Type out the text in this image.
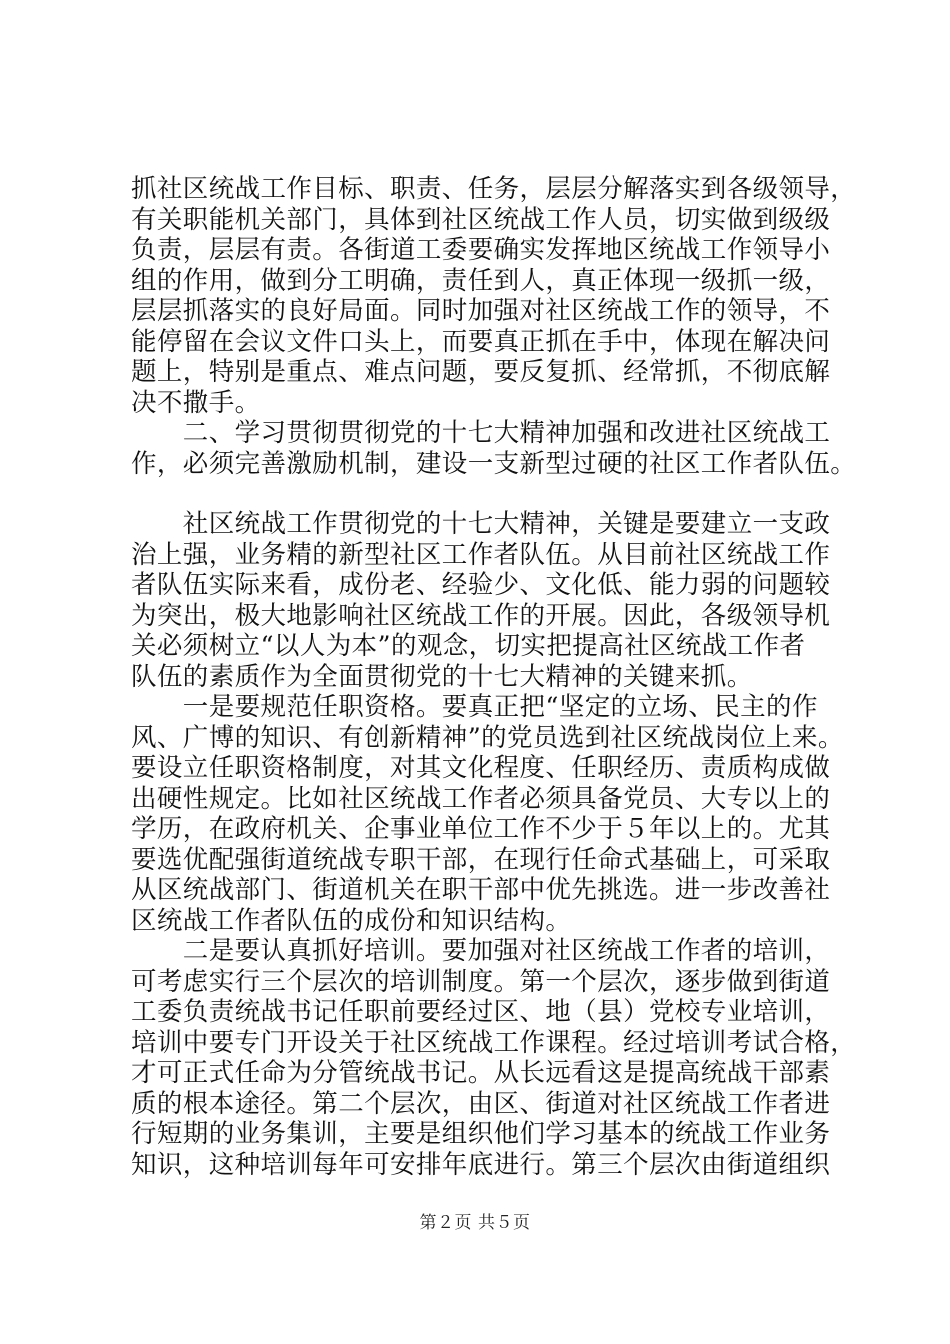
抓社区统战工作目标、职责、任务，层层分解落实到各级领导，
有关职能机关部门，具体到社区统战工作人员，切实做到级级
负责，层层有责。各街道工委要确实发挥地区统战工作领导小
组的作用，做到分工明确，责任到人，真正体现一级抓一级，
层层抓落实的良好局面。同时加强对社区统战工作的领导，不
能停留在会议文件口头上，而要真正抓在手中，体现在解决问
题上，特别是重点、难点问题，要反复抓、经常抓，不彻底解
决不撒手。
　　二、学习贯彻贯彻党的十七大精神加强和改进社区统战工
作，必须完善激励机制，建设一支新型过硬的社区工作者队伍。
　　社区统战工作贯彻党的十七大精神，关键是要建立一支政
治上强，业务精的新型社区工作者队伍。从目前社区统战工作
者队伍实际来看，成份老、经验少、文化低、能力弱的问题较
为突出，极大地影响社区统战工作的开展。因此，各级领导机
关必须树立“以人为本”的观念，切实把提高社区统战工作者
队伍的素质作为全面贯彻党的十七大精神的关键来抓。
　　一是要规范任职资格。要真正把“坚定的立场、民主的作
风、广博的知识、有创新精神”的党员选到社区统战岗位上来。
要设立任职资格制度，对其文化程度、任职经历、责质构成做
出硬性规定。比如社区统战工作者必须具备党员、大专以上的
学历，在政府机关、企事业单位工作不少于５年以上的。尤其
要选优配强街道统战专职干部，在现行任命式基础上，可采取
从区统战部门、街道机关在职干部中优先挑选。进一步改善社
区统战工作者队伍的成份和知识结构。
　　二是要认真抓好培训。要加强对社区统战工作者的培训，
可考虑实行三个层次的培训制度。第一个层次，逐步做到街道
工委负责统战书记任职前要经过区、地（县）党校专业培训，
培训中要专门开设关于社区统战工作课程。经过培训考试合格，
才可正式任命为分管统战书记。从长远看这是提高统战干部素
质的根本途径。第二个层次，由区、街道对社区统战工作者进
行短期的业务集训，主要是组织他们学习基本的统战工作业务
知识，这种培训每年可安排年底进行。第三个层次由街道组织
第２页 共５页
